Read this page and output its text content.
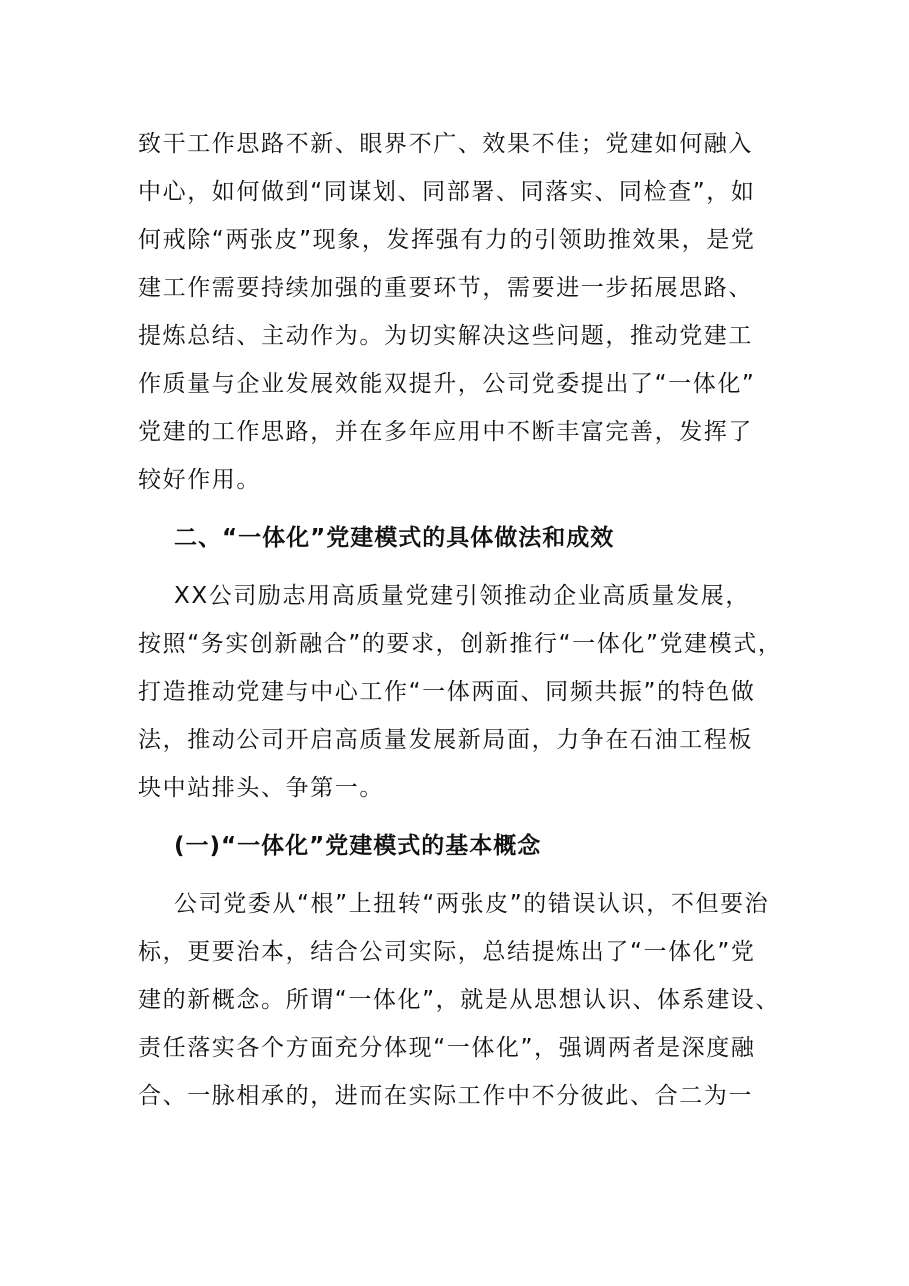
致干工作思路不新、眼界不广、效果不佳；党建如何融入
中心，如何做到“同谋划、同部署、同落实、同检查”，如
何戒除“两张皮”现象，发挥强有力的引领助推效果，是党
建工作需要持续加强的重要环节，需要进一步拓展思路、
提炼总结、主动作为。为切实解决这些问题，推动党建工
作质量与企业发展效能双提升，公司党委提出了“一体化”
党建的工作思路，并在多年应用中不断丰富完善，发挥了
较好作用。
二、“一体化”党建模式的具体做法和成效
XX公司励志用高质量党建引领推动企业高质量发展，
按照“务实创新融合”的要求，创新推行“一体化”党建模式，
打造推动党建与中心工作“一体两面、同频共振”的特色做
法，推动公司开启高质量发展新局面，力争在石油工程板
块中站排头、争第一。
(一)“一体化”党建模式的基本概念
公司党委从“根”上扭转“两张皮”的错误认识，不但要治
标，更要治本，结合公司实际，总结提炼出了“一体化”党
建的新概念。所谓“一体化”，就是从思想认识、体系建设、
责任落实各个方面充分体现“一体化”，强调两者是深度融
合、一脉相承的，进而在实际工作中不分彼此、合二为一
